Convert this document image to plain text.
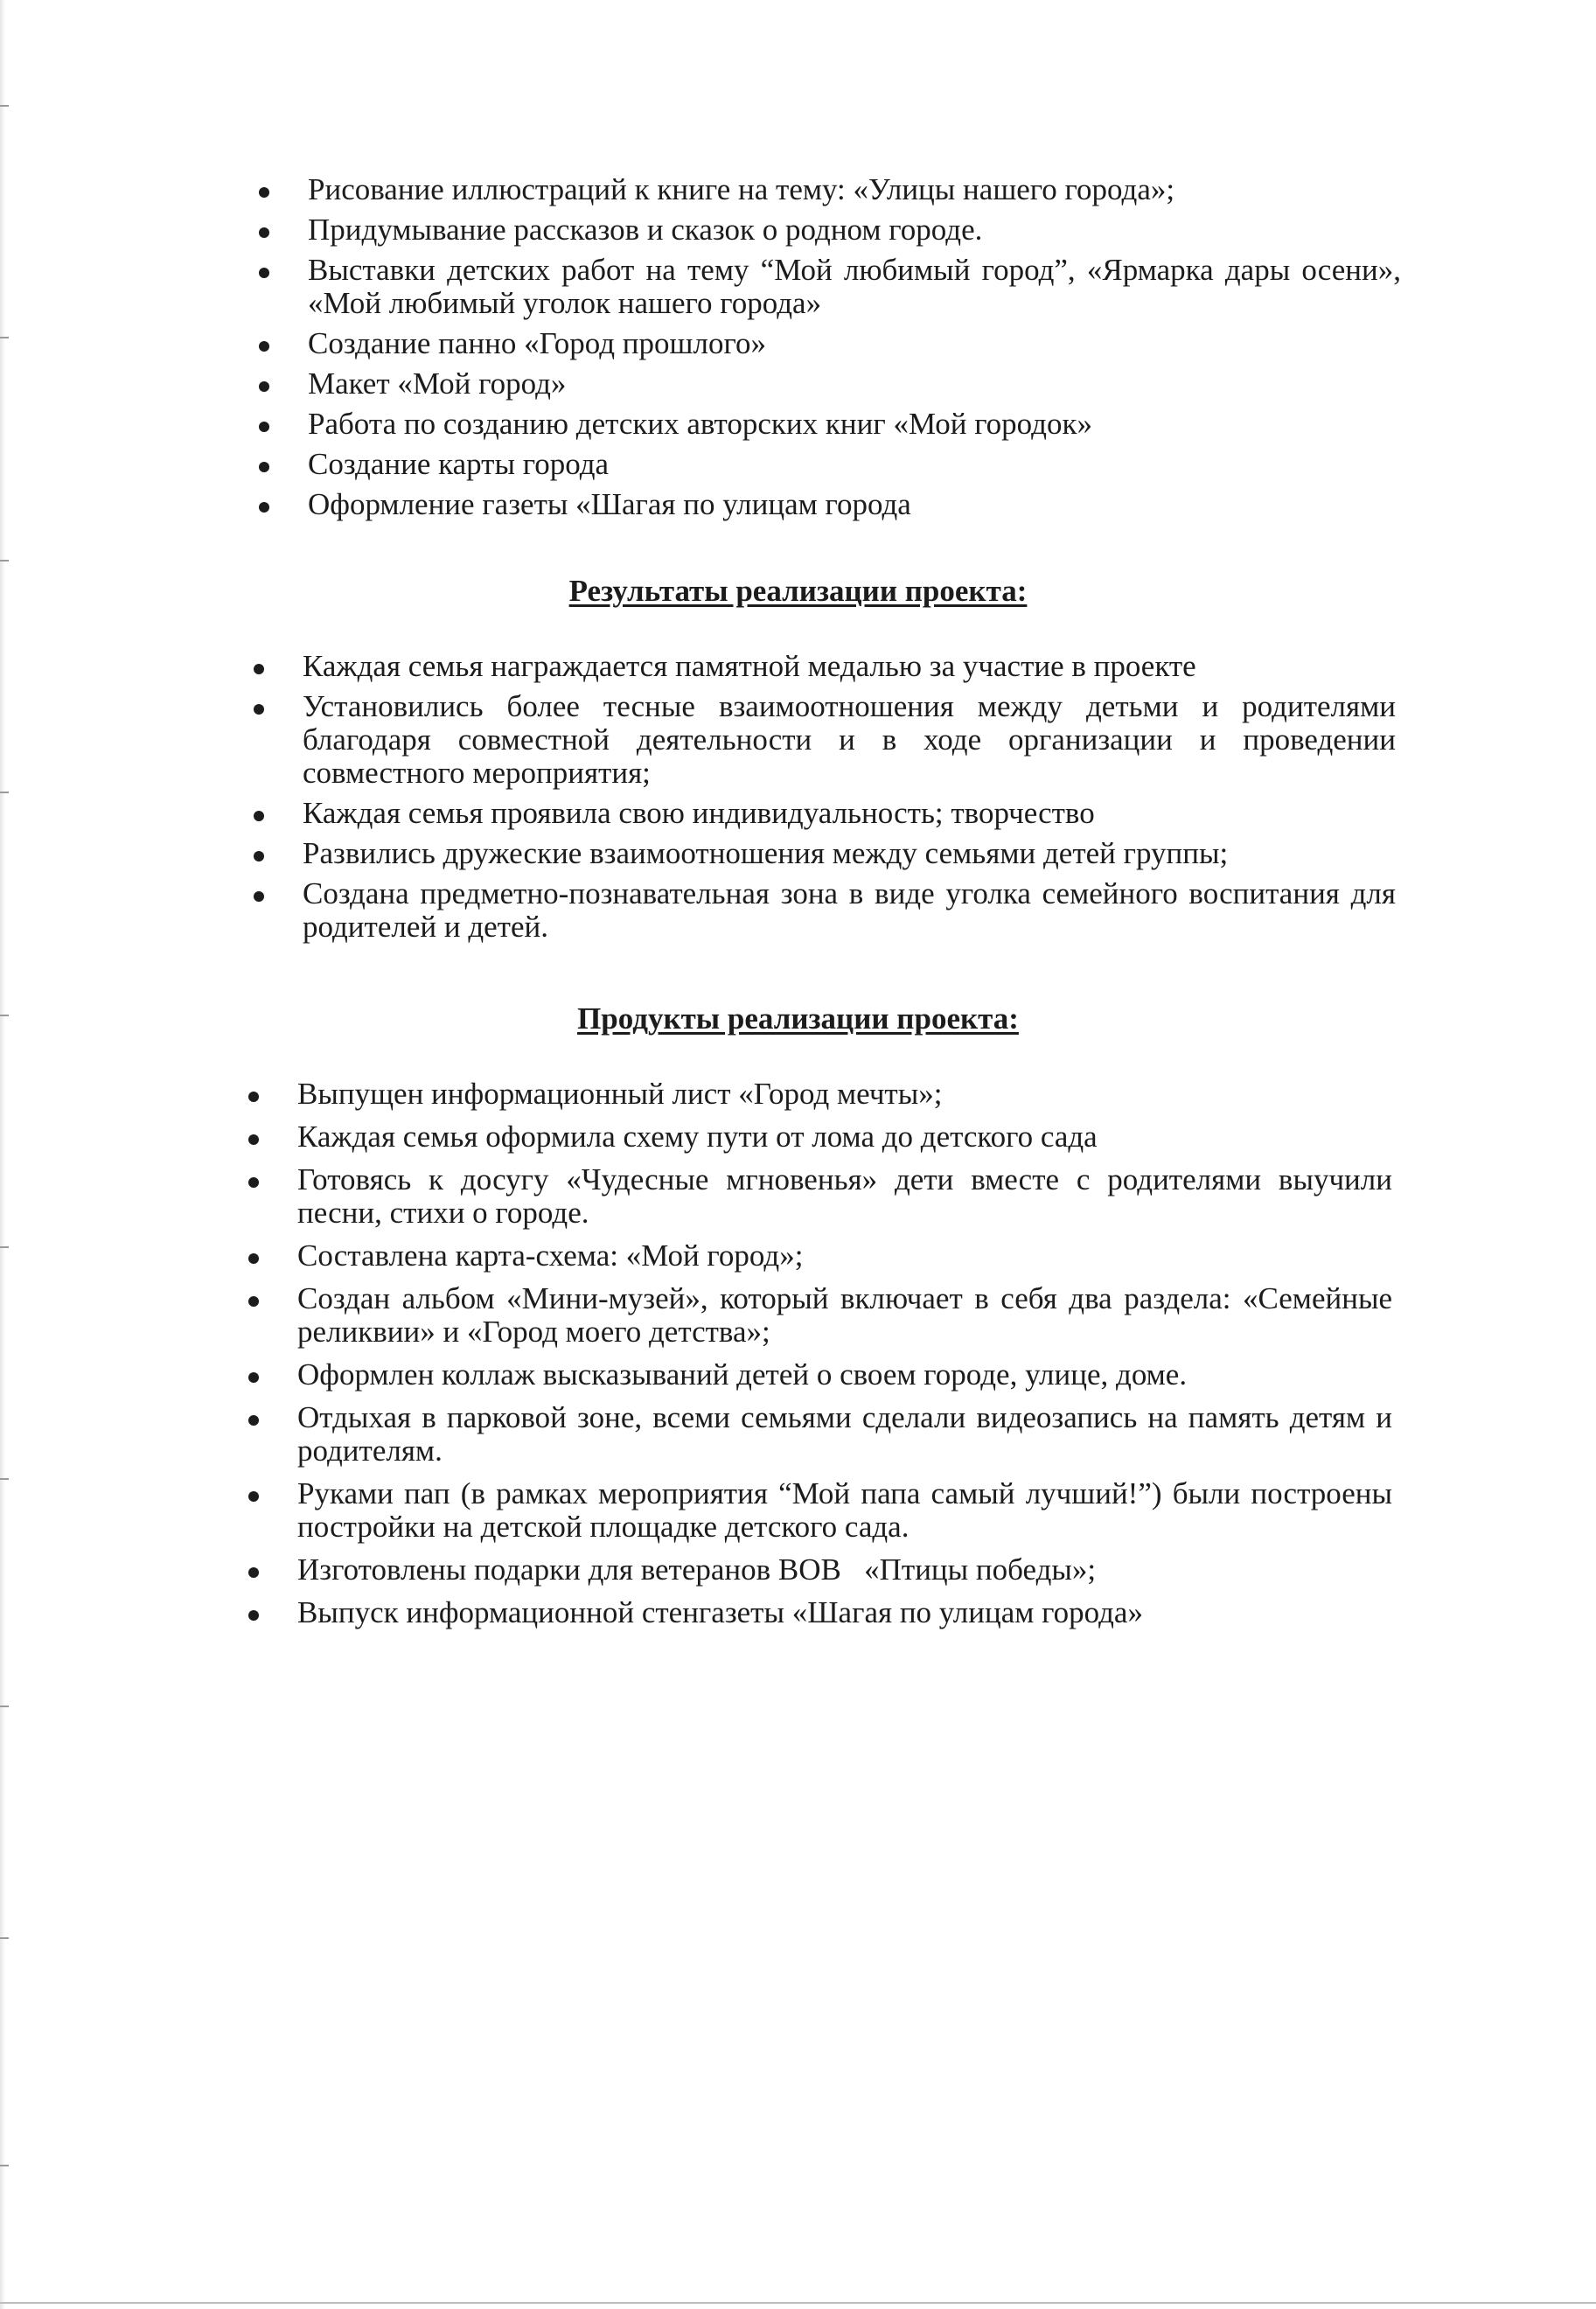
Рисование иллюстраций к книге на тему: «Улицы нашего города»;
Придумывание рассказов и сказок о родном городе.
Выставки детских работ на тему “Мой любимый город”, «Ярмарка дары осени», «Мой любимый уголок нашего города»
Создание панно «Город прошлого»
Макет «Мой город»
Работа по созданию детских авторских книг «Мой городок»
Создание карты города
Оформление газеты «Шагая по улицам города
Результаты реализации проекта:
Каждая семья награждается памятной медалью за участие в проекте
Установились более тесные взаимоотношения между детьми и родителями благодаря совместной деятельности и в ходе организации и проведении совместного мероприятия;
Каждая семья проявила свою индивидуальность; творчество
Развились дружеские взаимоотношения между семьями детей группы;
Создана предметно-познавательная зона в виде уголка семейного воспитания для родителей и детей.
Продукты реализации проекта:
Выпущен информационный лист «Город мечты»;
Каждая семья оформила схему пути от лома до детского сада
Готовясь к досугу «Чудесные мгновенья» дети вместе с родителями выучили песни, стихи о городе.
Составлена карта-схема: «Мой город»;
Создан альбом «Мини-музей», который включает в себя два раздела: «Семейные реликвии» и «Город моего детства»;
Оформлен коллаж высказываний детей о своем городе, улице, доме.
Отдыхая в парковой зоне, всеми семьями сделали видеозапись на память детям и родителям.
Руками пап (в рамках мероприятия “Мой папа самый лучший!”) были построены постройки на детской площадке детского сада.
Изготовлены подарки для ветеранов ВОВ   «Птицы победы»;
Выпуск информационной стенгазеты «Шагая по улицам города»
